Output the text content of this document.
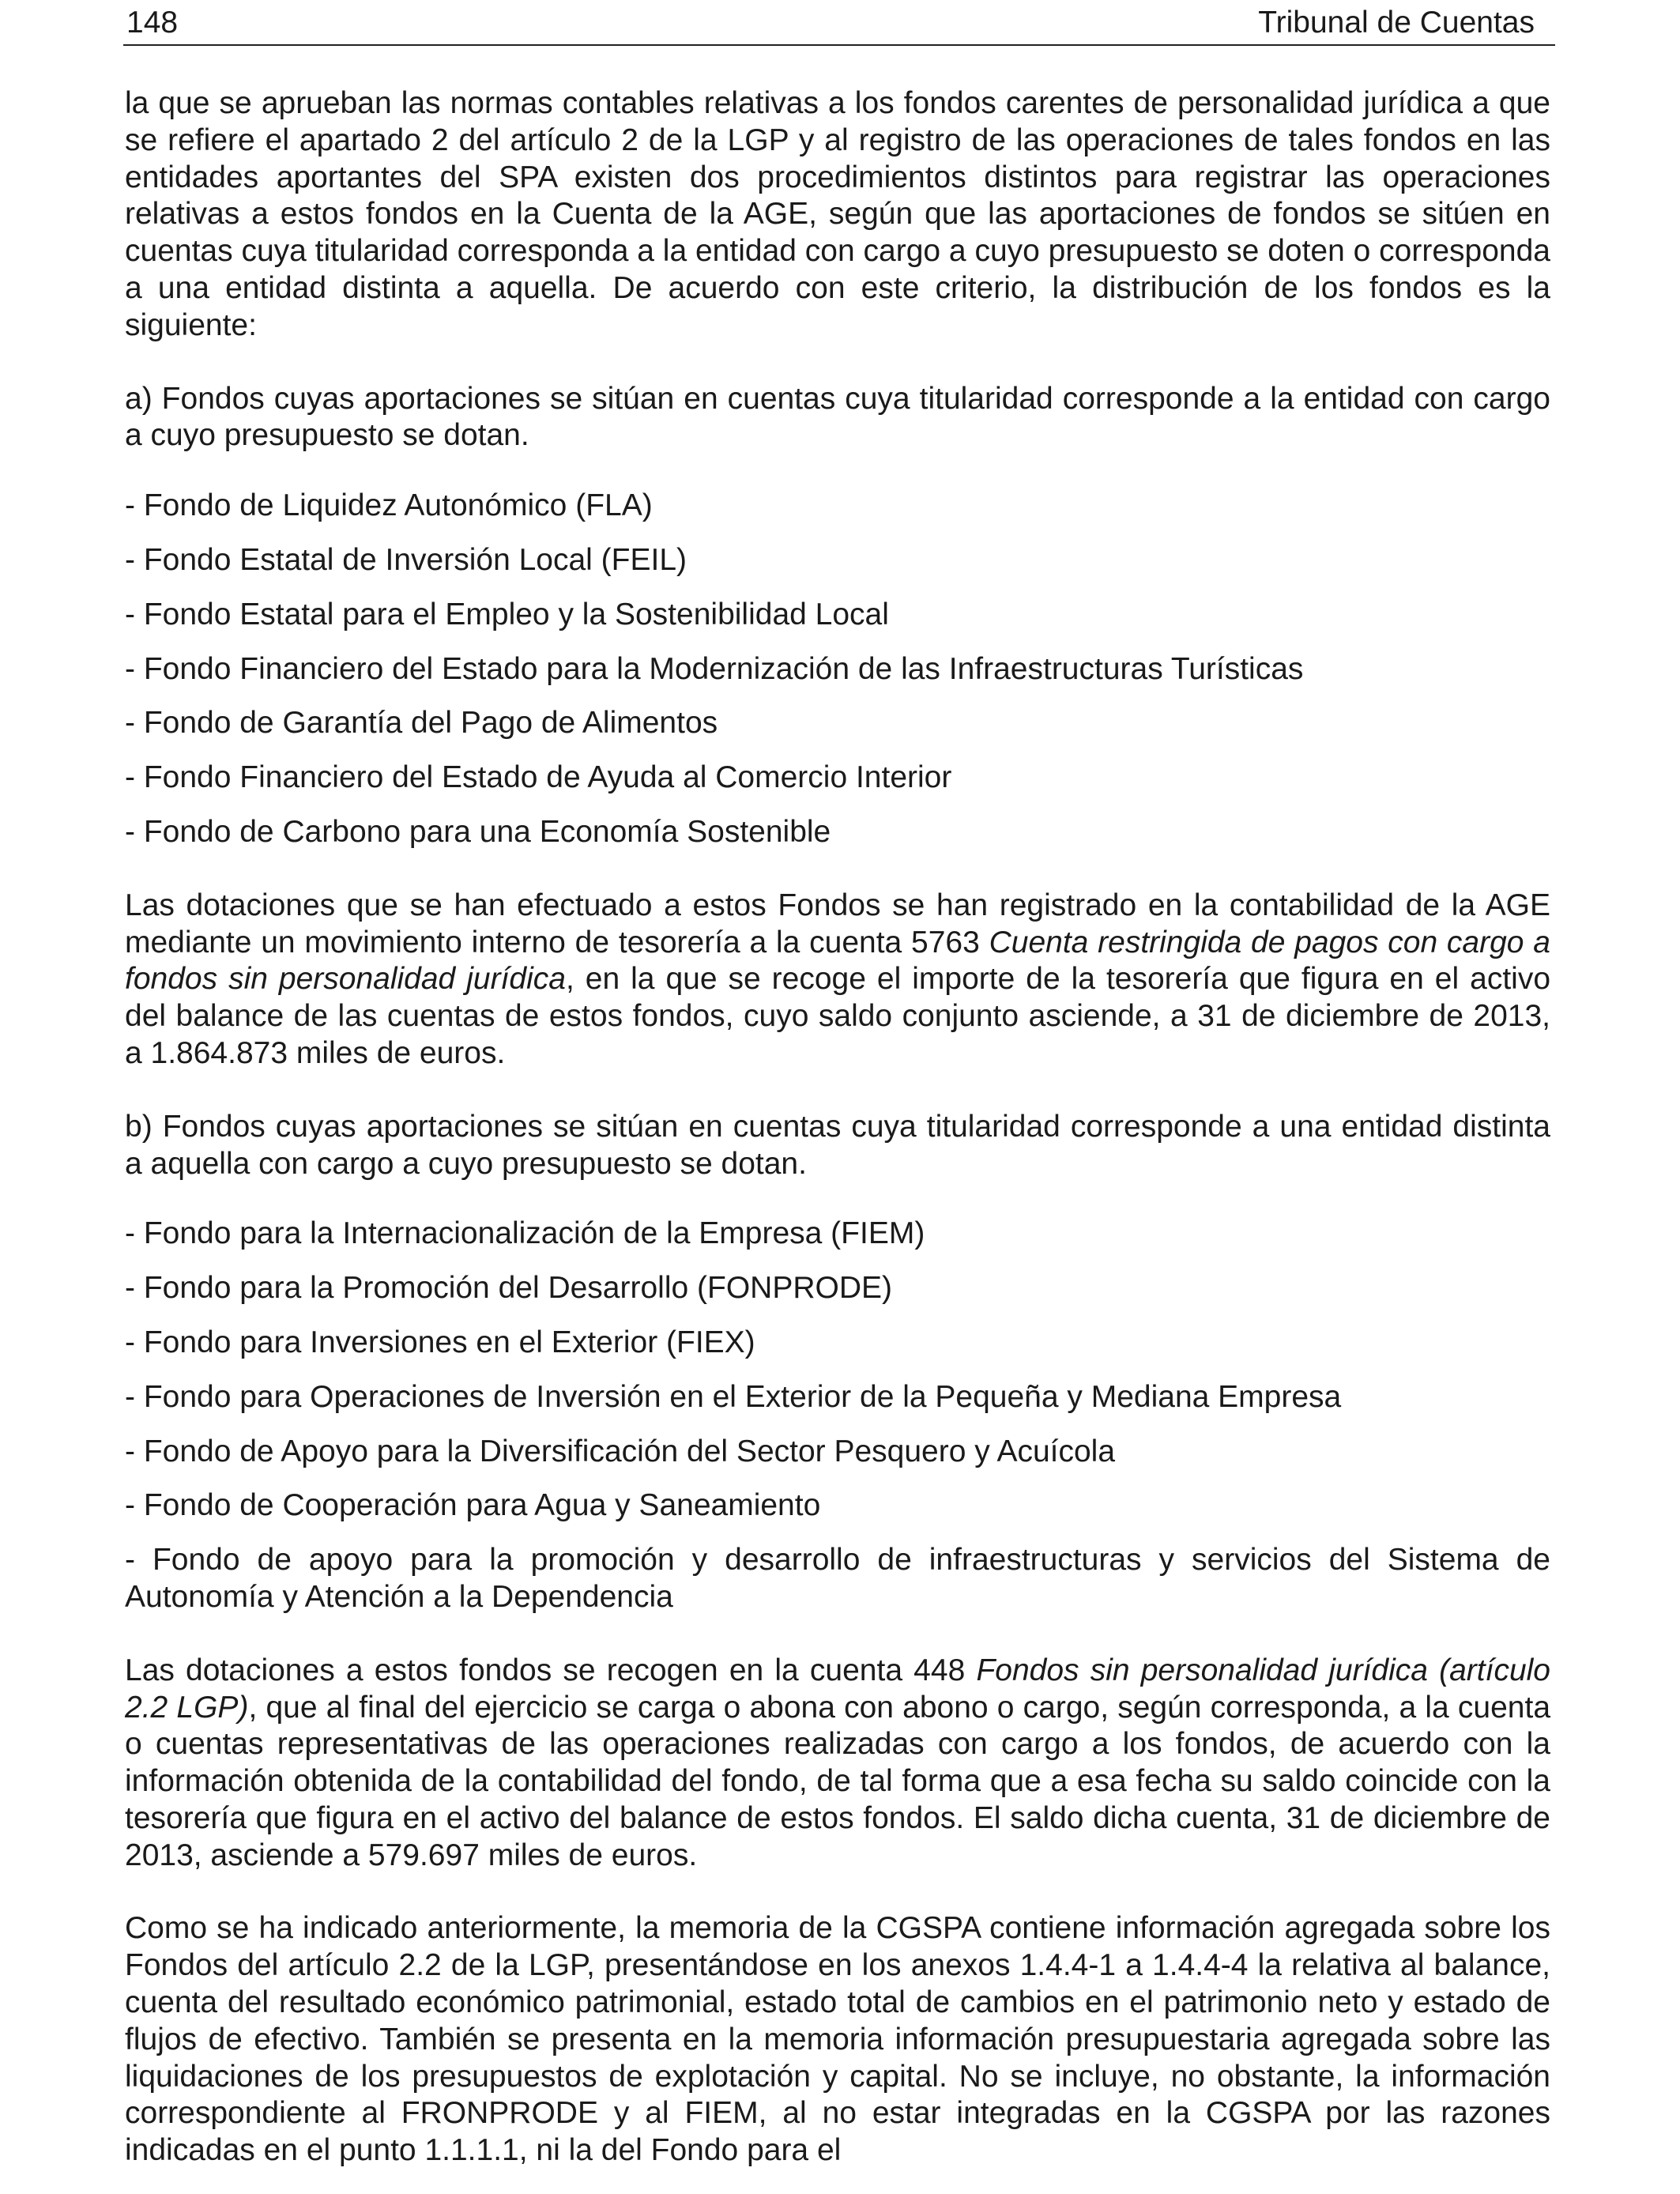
148	Tribunal de Cuentas

la que se aprueban las normas contables relativas a los fondos carentes de personalidad jurídica a que se refiere el apartado 2 del artículo 2 de la LGP y al registro de las operaciones de tales fondos en las entidades aportantes del SPA existen dos procedimientos distintos para registrar las operaciones relativas a estos fondos en la Cuenta de la AGE, según que las aportaciones de fondos se sitúen en cuentas cuya titularidad corresponda a la entidad con cargo a cuyo presupuesto se doten o corresponda a una entidad distinta a aquella. De acuerdo con este criterio, la distribución de los fondos es la siguiente:

a) Fondos cuyas aportaciones se sitúan en cuentas cuya titularidad corresponde a la entidad con cargo a cuyo presupuesto se dotan.

- Fondo de Liquidez Autonómico (FLA)

- Fondo Estatal de Inversión Local (FEIL)

- Fondo Estatal para el Empleo y la Sostenibilidad Local

- Fondo Financiero del Estado para la Modernización de las Infraestructuras Turísticas

- Fondo de Garantía del Pago de Alimentos

- Fondo Financiero del Estado de Ayuda al Comercio Interior

- Fondo de Carbono para una Economía Sostenible

Las dotaciones que se han efectuado a estos Fondos se han registrado en la contabilidad de la AGE mediante un movimiento interno de tesorería a la cuenta 5763 Cuenta restringida de pagos con cargo a fondos sin personalidad jurídica, en la que se recoge el importe de la tesorería que figura en el activo del balance de las cuentas de estos fondos, cuyo saldo conjunto asciende, a 31 de diciembre de 2013, a 1.864.873 miles de euros.

b) Fondos cuyas aportaciones se sitúan en cuentas cuya titularidad corresponde a una entidad distinta a aquella con cargo a cuyo presupuesto se dotan.

- Fondo para la Internacionalización de la Empresa (FIEM)

- Fondo para la Promoción del Desarrollo (FONPRODE)

- Fondo para Inversiones en el Exterior (FIEX)

- Fondo para Operaciones de Inversión en el Exterior de la Pequeña y Mediana Empresa

- Fondo de Apoyo para la Diversificación del Sector Pesquero y Acuícola

- Fondo de Cooperación para Agua y Saneamiento

- Fondo de apoyo para la promoción y desarrollo de infraestructuras y servicios del Sistema de Autonomía y Atención a la Dependencia

Las dotaciones a estos fondos se recogen en la cuenta 448 Fondos sin personalidad jurídica (artículo 2.2 LGP), que al final del ejercicio se carga o abona con abono o cargo, según corresponda, a la cuenta o cuentas representativas de las operaciones realizadas con cargo a los fondos, de acuerdo con la información obtenida de la contabilidad del fondo, de tal forma que a esa fecha su saldo coincide con la tesorería que figura en el activo del balance de estos fondos. El saldo dicha cuenta, 31 de diciembre de 2013, asciende a 579.697 miles de euros.

Como se ha indicado anteriormente, la memoria de la CGSPA contiene información agregada sobre los Fondos del artículo 2.2 de la LGP, presentándose en los anexos 1.4.4-1 a 1.4.4-4 la relativa al balance, cuenta del resultado económico patrimonial, estado total de cambios en el patrimonio neto y estado de flujos de efectivo. También se presenta en la memoria información presupuestaria agregada sobre las liquidaciones de los presupuestos de explotación y capital. No se incluye, no obstante, la información correspondiente al FRONPRODE y al FIEM, al no estar integradas en la CGSPA por las razones indicadas en el punto 1.1.1.1, ni la del Fondo para el
